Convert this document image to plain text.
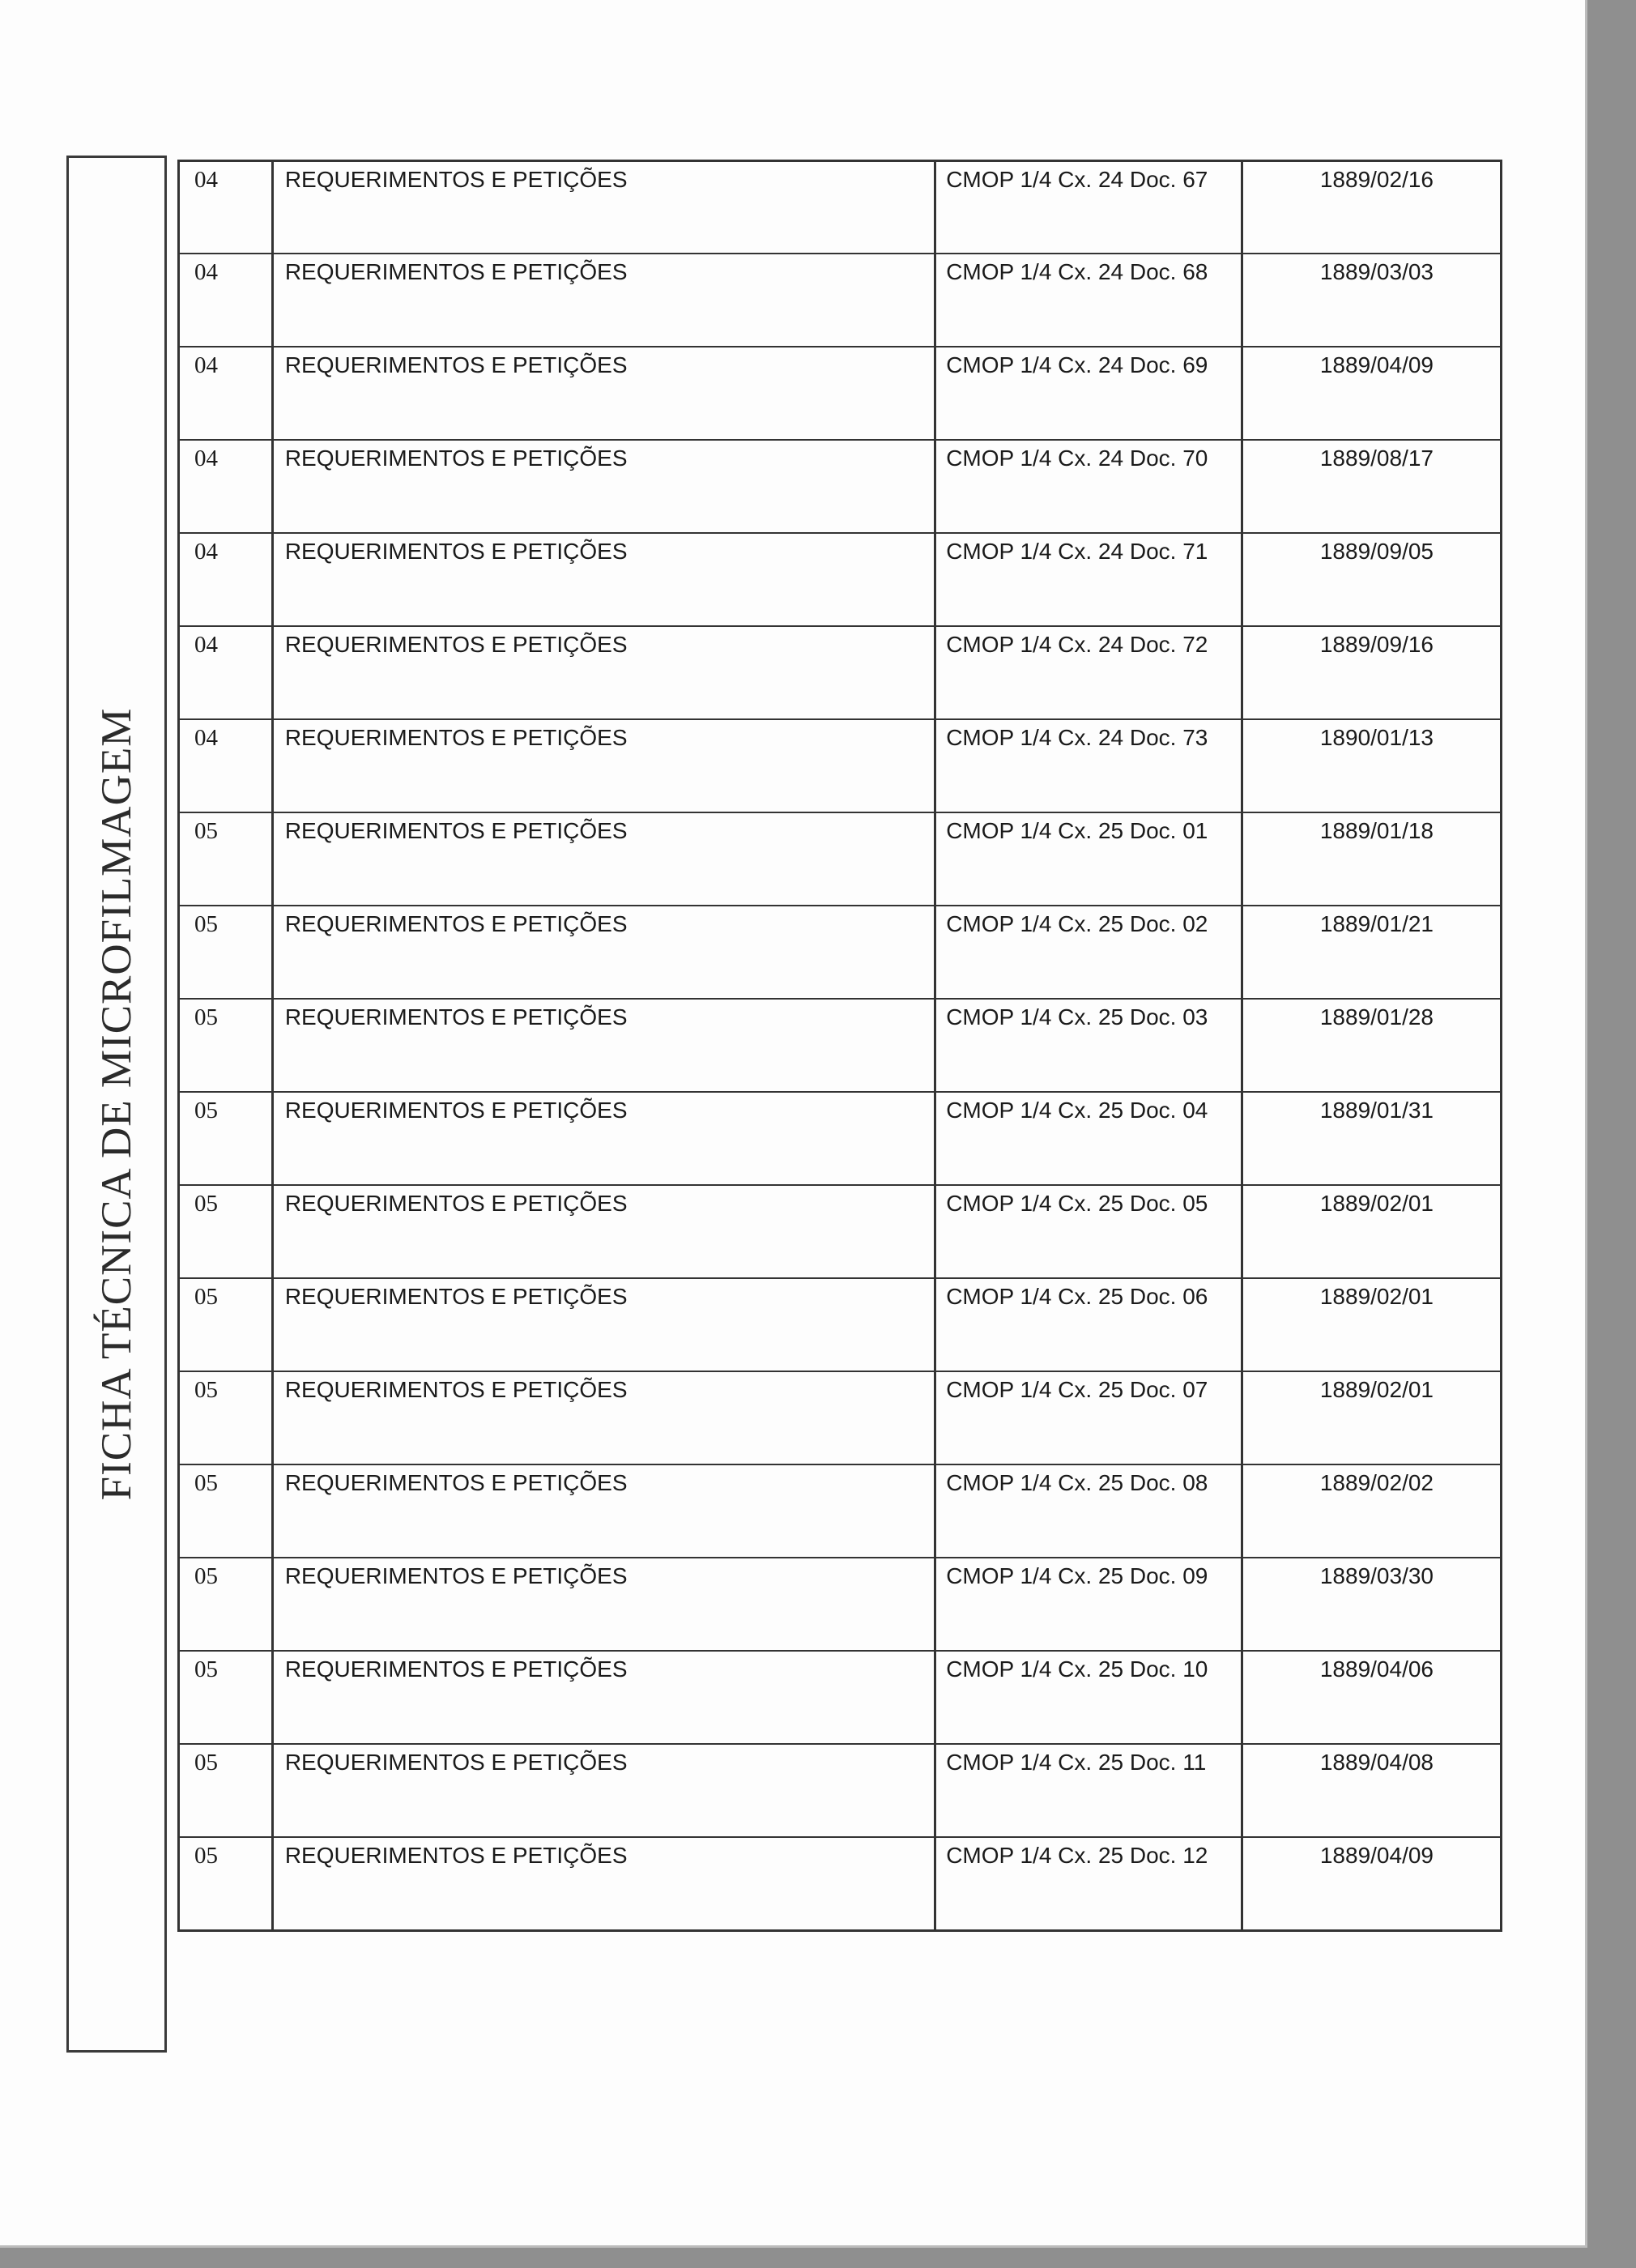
FICHA TÉCNICA DE MICROFILMAGEM
04	REQUERIMENTOS E PETIÇÕES	CMOP 1/4 Cx. 24 Doc. 67	1889/02/16
04	REQUERIMENTOS E PETIÇÕES	CMOP 1/4 Cx. 24 Doc. 68	1889/03/03
04	REQUERIMENTOS E PETIÇÕES	CMOP 1/4 Cx. 24 Doc. 69	1889/04/09
04	REQUERIMENTOS E PETIÇÕES	CMOP 1/4 Cx. 24 Doc. 70	1889/08/17
04	REQUERIMENTOS E PETIÇÕES	CMOP 1/4 Cx. 24 Doc. 71	1889/09/05
04	REQUERIMENTOS E PETIÇÕES	CMOP 1/4 Cx. 24 Doc. 72	1889/09/16
04	REQUERIMENTOS E PETIÇÕES	CMOP 1/4 Cx. 24 Doc. 73	1890/01/13
05	REQUERIMENTOS E PETIÇÕES	CMOP 1/4 Cx. 25 Doc. 01	1889/01/18
05	REQUERIMENTOS E PETIÇÕES	CMOP 1/4 Cx. 25 Doc. 02	1889/01/21
05	REQUERIMENTOS E PETIÇÕES	CMOP 1/4 Cx. 25 Doc. 03	1889/01/28
05	REQUERIMENTOS E PETIÇÕES	CMOP 1/4 Cx. 25 Doc. 04	1889/01/31
05	REQUERIMENTOS E PETIÇÕES	CMOP 1/4 Cx. 25 Doc. 05	1889/02/01
05	REQUERIMENTOS E PETIÇÕES	CMOP 1/4 Cx. 25 Doc. 06	1889/02/01
05	REQUERIMENTOS E PETIÇÕES	CMOP 1/4 Cx. 25 Doc. 07	1889/02/01
05	REQUERIMENTOS E PETIÇÕES	CMOP 1/4 Cx. 25 Doc. 08	1889/02/02
05	REQUERIMENTOS E PETIÇÕES	CMOP 1/4 Cx. 25 Doc. 09	1889/03/30
05	REQUERIMENTOS E PETIÇÕES	CMOP 1/4 Cx. 25 Doc. 10	1889/04/06
05	REQUERIMENTOS E PETIÇÕES	CMOP 1/4 Cx. 25 Doc. 11	1889/04/08
05	REQUERIMENTOS E PETIÇÕES	CMOP 1/4 Cx. 25 Doc. 12	1889/04/09
